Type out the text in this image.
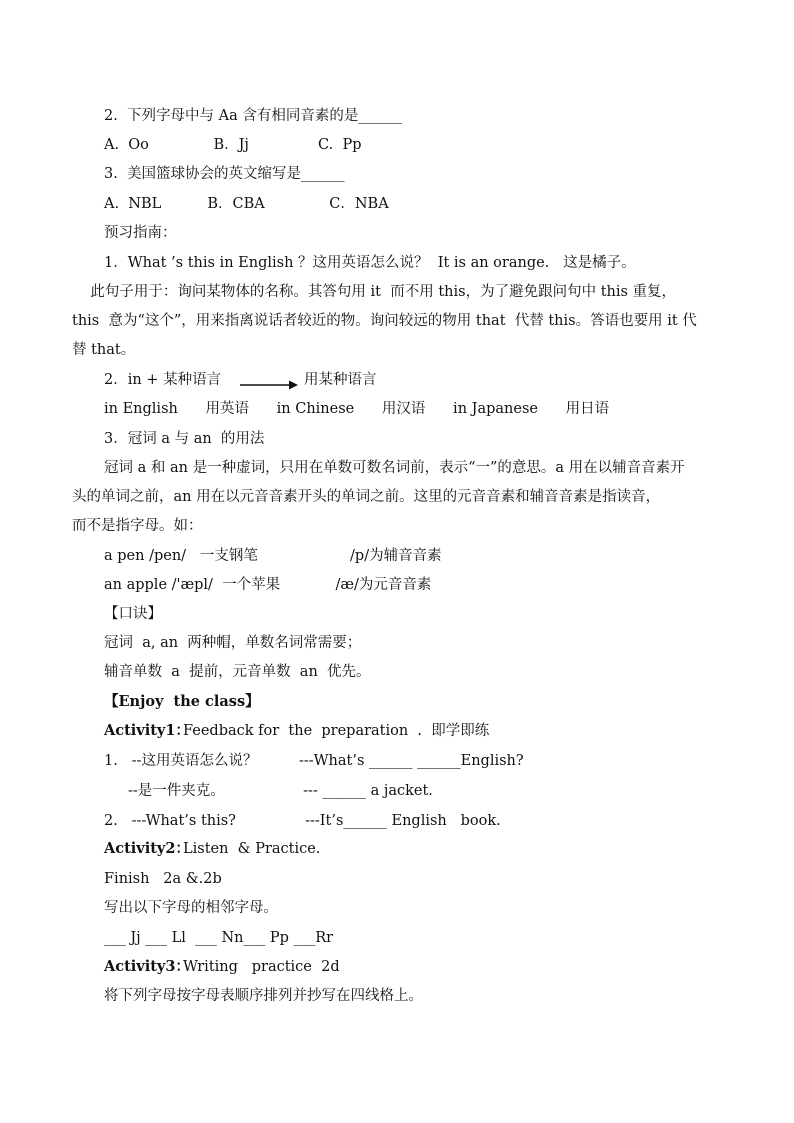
2.  下列字母中与 Aa 含有相同音素的是______
A.  Oo              B．Jj               C.  Pp
3.  美国篮球协会的英文缩写是______
A.  NBL          B．CBA              C．NBA
预习指南：
1．What ’s this in English ？这用英语怎么说？  It is an orange.   这是橘子。
此句子用于：询问某物体的名称。其答句用 it  而不用 this，为了避免跟问句中 this 重复，
this  意为“这个”，用来指离说话者较近的物。询问较远的物用 that  代替 this。答语也要用 it 代
替 that。
2．in + 某种语言	用某种语言
in English      用英语      in Chinese      用汉语      in Japanese      用日语
3．冠词 a 与 an  的用法
冠词 a 和 an 是一种虚词，只用在单数可数名词前，表示“一”的意思。a 用在以辅音音素开
头的单词之前，an 用在以元音音素开头的单词之前。这里的元音音素和辅音音素是指读音，
而不是指字母。如：
a pen /pen/   一支钢笔                    /p/为辅音音素
an apple /'æpl/  一个苹果            /æ/为元音音素
【口诀】
冠词  a, an  两种帽，单数名词常需要；
辅音单数  a  提前，元音单数  an  优先。
【Enjoy  the class】
Activity1：
Feedback for  the  preparation  .  即学即练
1.   --这用英语怎么说？         ---What’s ______ ______English?
--是一件夹克。                 --- ______ a jacket.
2.   ---What’s this?               ---It’s______ English   book.
Activity2：
Listen  & Practice.
Finish   2a &.2b
写出以下字母的相邻字母。
___ Jj ___ Ll  ___ Nn___ Pp ___Rr
Activity3：
Writing   practice  2d
将下列字母按字母表顺序排列并抄写在四线格上。
